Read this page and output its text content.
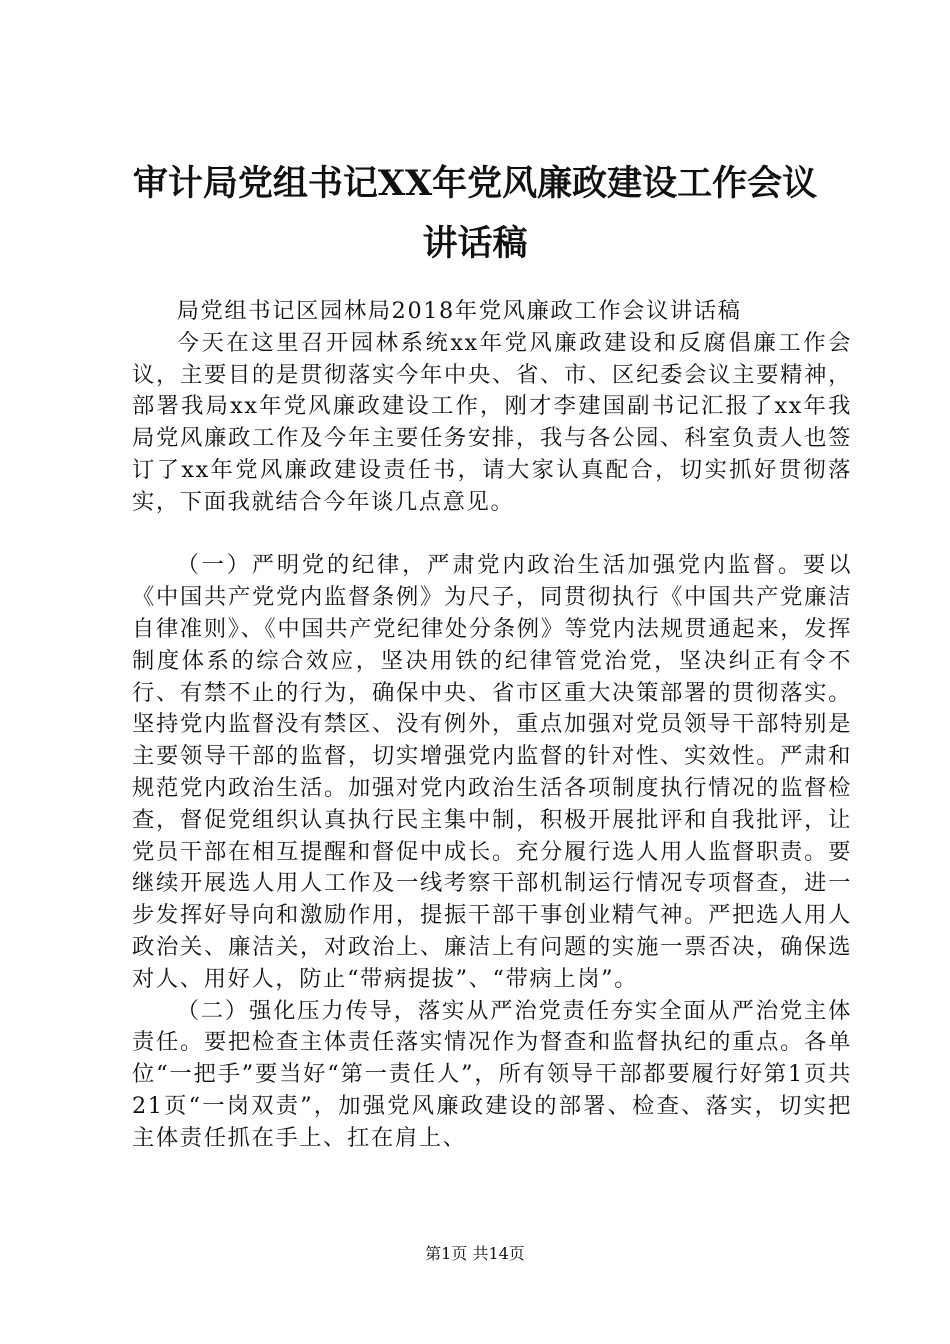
审计局党组书记XX年党风廉政建设工作会议
讲话稿

局党组书记区园林局2018年党风廉政工作会议讲话稿

今天在这里召开园林系统xx年党风廉政建设和反腐倡廉工作会议，主要目的是贯彻落实今年中央、省、市、区纪委会议主要精神，部署我局xx年党风廉政建设工作，刚才李建国副书记汇报了xx年我局党风廉政工作及今年主要任务安排，我与各公园、科室负责人也签订了xx年党风廉政建设责任书，请大家认真配合，切实抓好贯彻落实，下面我就结合今年谈几点意见。

（一）严明党的纪律，严肃党内政治生活加强党内监督。要以《中国共产党党内监督条例》为尺子，同贯彻执行《中国共产党廉洁自律准则》、《中国共产党纪律处分条例》等党内法规贯通起来，发挥制度体系的综合效应，坚决用铁的纪律管党治党，坚决纠正有令不行、有禁不止的行为，确保中央、省市区重大决策部署的贯彻落实。坚持党内监督没有禁区、没有例外，重点加强对党员领导干部特别是主要领导干部的监督，切实增强党内监督的针对性、实效性。严肃和规范党内政治生活。加强对党内政治生活各项制度执行情况的监督检查，督促党组织认真执行民主集中制，积极开展批评和自我批评，让党员干部在相互提醒和督促中成长。充分履行选人用人监督职责。要继续开展选人用人工作及一线考察干部机制运行情况专项督查，进一步发挥好导向和激励作用，提振干部干事创业精气神。严把选人用人政治关、廉洁关，对政治上、廉洁上有问题的实施一票否决，确保选对人、用好人，防止“带病提拔”、“带病上岗”。

（二）强化压力传导，落实从严治党责任夯实全面从严治党主体责任。要把检查主体责任落实情况作为督查和监督执纪的重点。各单位“一把手”要当好“第一责任人”，所有领导干部都要履行好第1页共21页“一岗双责”，加强党风廉政建设的部署、检查、落实，切实把主体责任抓在手上、扛在肩上、

第1页 共14页
